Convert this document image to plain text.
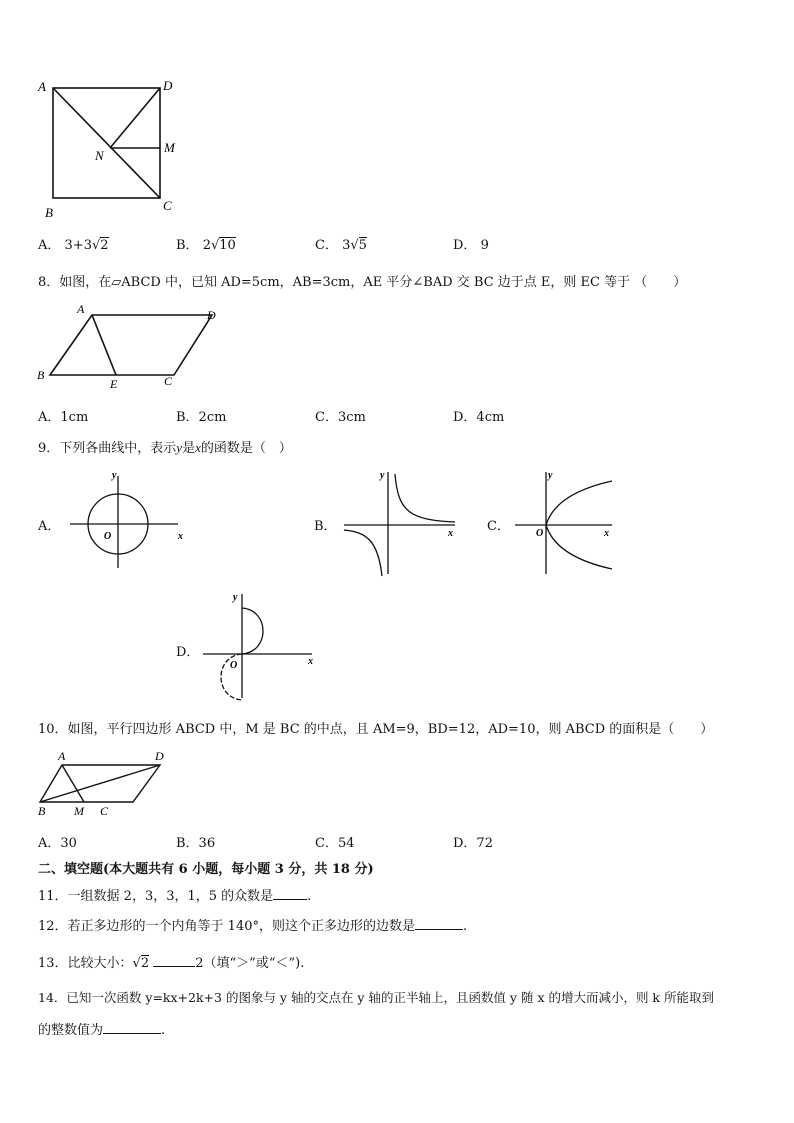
A	D
N
M
B	C
A． 3+3√2	B． 2√10	C． 3√5	D． 9
8．如图，在▱ABCD 中，已知 AD=5cm，AB=3cm，AE 平分∠BAD 交 BC 边于点 E，则 EC 等于 （　　）
A	D
B
E	C
A．1cm	B．2cm	C．3cm	D．4cm
9．下列各曲线中，表示y是x的函数是（　）
A．
y
x
O
B．
y
x	C．
y
x
O
D．
y
x
O
10．如图，平行四边形 ABCD 中，M 是 BC 的中点，且 AM=9，BD=12，AD=10，则 ABCD 的面积是（　　）
A	D
B M C
A．30	B．36	C．54	D．72
二、填空题(本大题共有 6 小题，每小题 3 分，共 18 分)
11．一组数据 2，3，3，1，5 的众数是	.
12．若正多边形的一个内角等于 140°，则这个正多边形的边数是	.
13．比较大小：√2	2（填“＞”或“＜”).
14．已知一次函数 y=kx+2k+3 的图象与 y 轴的交点在 y 轴的正半轴上，且函数值 y 随 x 的增大而减小，则 k 所能取到
的整数值为	.
